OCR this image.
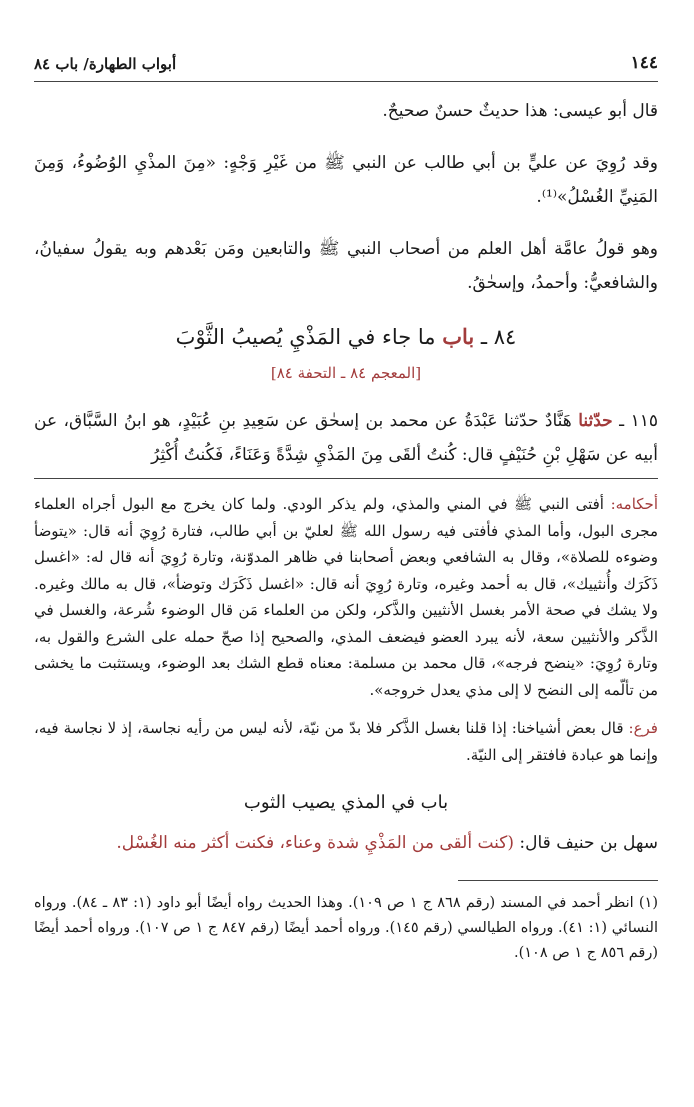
١٤٤
أبواب الطهارة/ باب ٨٤

قال أبو عيسى: هذا حديثٌ حسنٌ صحيحٌ.

وقد رُوِيَ عن عليٍّ بن أبي طالب عن النبي ﷺ من غَيْرِ وَجْهٍ: «مِنَ المذْيِ الوُضُوءُ، وَمِنَ المَنِيِّ الغُسْلُ»⁽¹⁾.

وهو قولُ عامَّة أهل العلم من أصحاب النبي ﷺ والتابعين ومَن بَعْدهم وبه يقولُ سفيانُ، والشافعيُّ: وأحمدُ، وإسحٰقُ.

٨٤ ـ باب ما جاء في المَذْيِ يُصيبُ الثَّوْبَ
[المعجم ٨٤ ـ التحفة ٨٤]

١١٥ ـ حدّثنا هَنَّادٌ حدّثنا عَبْدَةُ عن محمد بن إسحٰق عن سَعِيدِ بنِ عُبَيْدٍ، هو ابنُ السَّبَّاق، عن أبيه عن سَهْلِ بْنِ حُنَيْفٍ قال: كُنتُ ألقَى مِنَ المَذْيِ شِدَّةً وَعَنَاءً، فَكُنتُ أُكْثِرُ

أحكامه: أفتى النبي ﷺ في المني والمذي، ولم يذكر الودي. ولما كان يخرج مع البول أجراه العلماء مجرى البول، وأما المذي فأفتى فيه رسول الله ﷺ لعليّ بن أبي طالب، فتارة رُوِيَ أنه قال: «يتوضأ وضوءه للصلاة»، وقال به الشافعي وبعض أصحابنا في ظاهر المدوّنة، وتارة رُوِيَ أنه قال له: «اغسل ذَكَرَك وأُنثييك»، قال به أحمد وغيره، وتارة رُوِيَ أنه قال: «اغسل ذَكَرَك وتوضأ»، قال به مالك وغيره. ولا يشك في صحة الأمر بغسل الأنثيين والذَّكر، ولكن من العلماء مَن قال الوضوء شُرعة، والغسل في الذَّكر والأنثيين سعة، لأنه يبرد العضو فيضعف المذي، والصحيح إذا صحّ حمله على الشرع والقول به، وتارة رُوِيَ: «ينضح فرجه»، قال محمد بن مسلمة: معناه قطع الشك بعد الوضوء، ويستثبت ما يخشى من تألّمه إلى النضح لا إلى مذي يعدل خروجه».

فرع: قال بعض أشياخنا: إذا قلنا بغسل الذَّكر فلا بدّ من نيّة، لأنه ليس من رأيه نجاسة، إذ لا نجاسة فيه، وإنما هو عبادة فافتقر إلى النيّة.

باب في المذي يصيب الثوب

سهل بن حنيف قال: (كنت ألقى من المَذْيِ شدة وعناء، فكنت أكثر منه الغُسْل.

(١) انظر أحمد في المسند (رقم ٨٦٨ ج ١ ص ١٠٩). وهذا الحديث رواه أيضًا أبو داود (١: ٨٣ ـ ٨٤). ورواه النسائي (١: ٤١). ورواه الطيالسي (رقم ١٤٥). ورواه أحمد أيضًا (رقم ٨٤٧ ج ١ ص ١٠٧). ورواه أحمد أيضًا (رقم ٨٥٦ ج ١ ص ١٠٨).
